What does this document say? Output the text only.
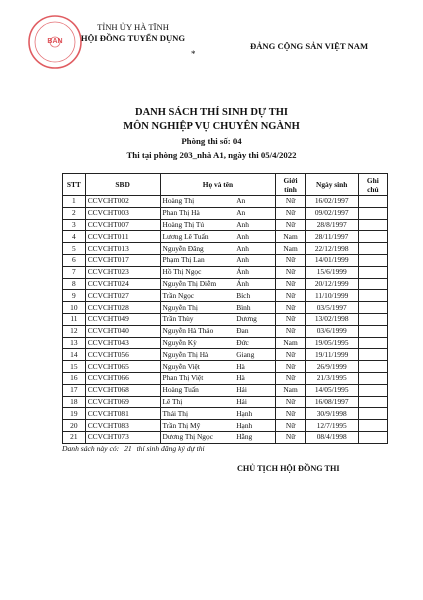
BAN
TỈNH ỦY HÀ TĨNH
HỘI ĐỒNG TUYỂN DỤNG
*
ĐẢNG CỘNG SẢN VIỆT NAM
DANH SÁCH THÍ SINH DỰ THI
MÔN NGHIỆP VỤ CHUYÊN NGÀNH
Phòng thi số: 04
Thi tại phòng 203_nhà A1, ngày thi 05/4/2022
STT	SBD	Họ và tên		Giới tính	Ngày sinh	Ghi chú
1	CCVCHT002	Hoàng Thị	An	Nữ	16/02/1997	
2	CCVCHT003	Phan Thị Hà	An	Nữ	09/02/1997	
3	CCVCHT007	Hoàng Thị Tú	Anh	Nữ	28/8/1997	
4	CCVCHT011	Lương Lê Tuấn	Anh	Nam	28/11/1997	
5	CCVCHT013	Nguyễn Đăng	Anh	Nam	22/12/1998	
6	CCVCHT017	Phạm Thị Lan	Anh	Nữ	14/01/1999	
7	CCVCHT023	Hồ Thị Ngọc	Ánh	Nữ	15/6/1999	
8	CCVCHT024	Nguyễn Thị Diễm	Ánh	Nữ	20/12/1999	
9	CCVCHT027	Trần Ngọc	Bích	Nữ	11/10/1999	
10	CCVCHT028	Nguyễn Thị	Bình	Nữ	03/5/1997	
11	CCVCHT049	Trần Thùy	Dương	Nữ	13/02/1998	
12	CCVCHT040	Nguyễn Hà Thảo	Đan	Nữ	03/6/1999	
13	CCVCHT043	Nguyễn Kỳ	Đức	Nam	19/05/1995	
14	CCVCHT056	Nguyễn Thị Hà	Giang	Nữ	19/11/1999	
15	CCVCHT065	Nguyễn Việt	Hà	Nữ	26/9/1999	
16	CCVCHT066	Phan Thị Việt	Hà	Nữ	21/3/1995	
17	CCVCHT068	Hoàng Tuấn	Hải	Nam	14/05/1995	
18	CCVCHT069	Lê Thị	Hải	Nữ	16/08/1997	
19	CCVCHT081	Thái Thị	Hạnh	Nữ	30/9/1998	
20	CCVCHT083	Trần Thị Mỹ	Hạnh	Nữ	12/7/1995	
21	CCVCHT073	Dương Thị Ngọc	Hằng	Nữ	08/4/1998	
Danh sách này có: 21 thí sinh đăng ký dự thi
CHỦ TỊCH HỘI ĐỒNG THI
